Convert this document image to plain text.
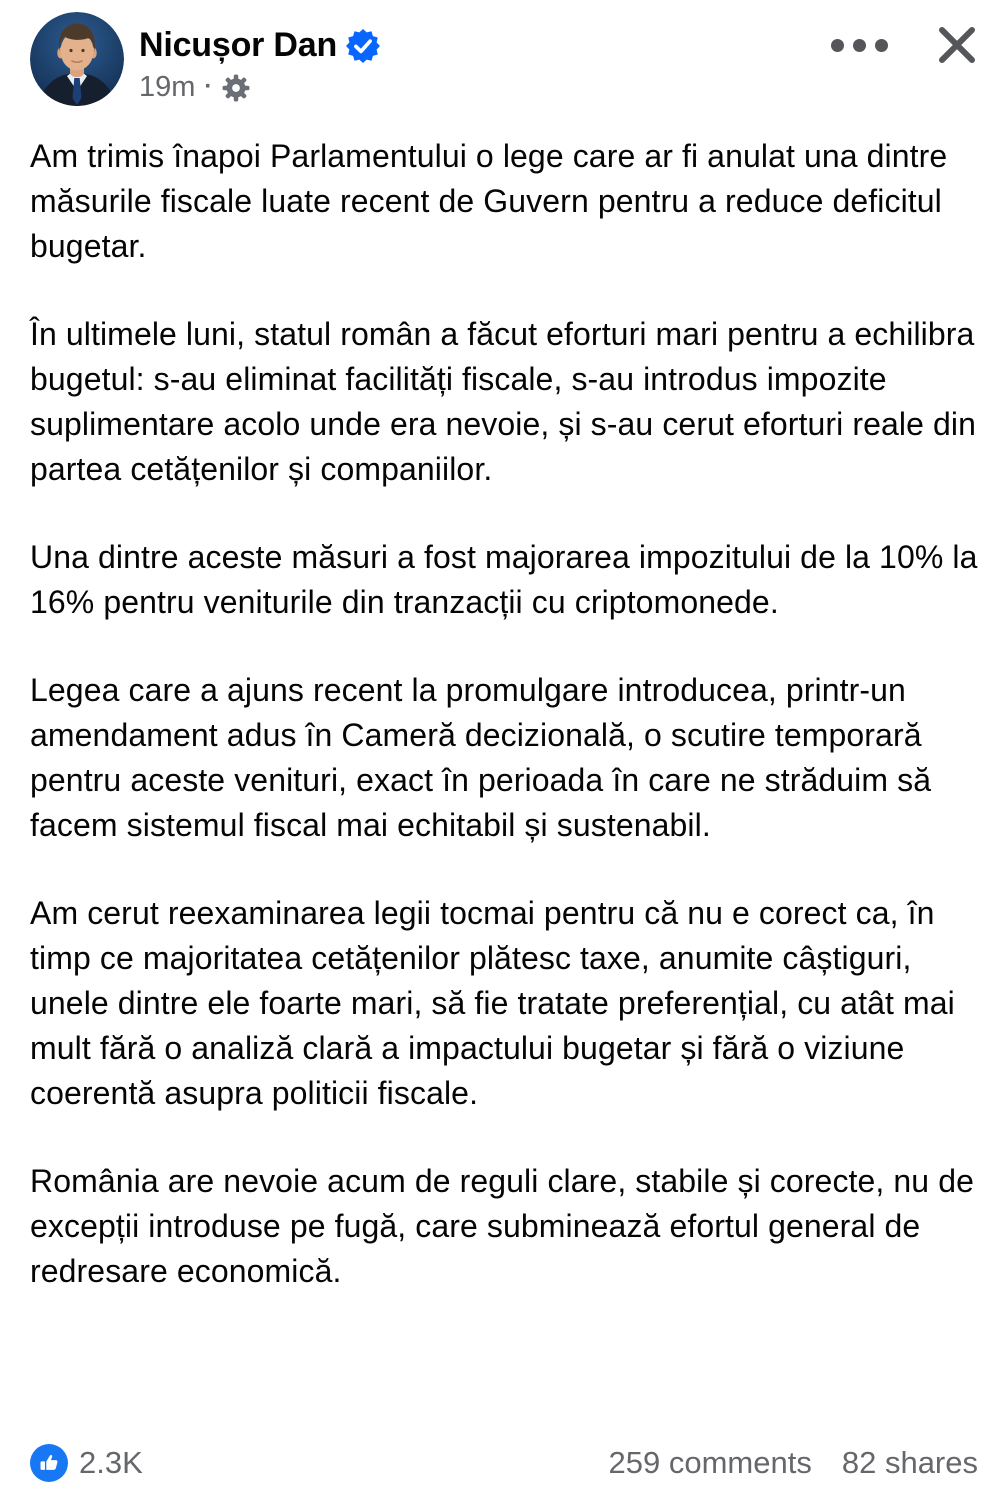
Nicușor Dan
19m ·

Am trimis înapoi Parlamentului o lege care ar fi anulat una dintre măsurile fiscale luate recent de Guvern pentru a reduce deficitul bugetar.

În ultimele luni, statul român a făcut eforturi mari pentru a echilibra bugetul: s-au eliminat facilități fiscale, s-au introdus impozite suplimentare acolo unde era nevoie, și s-au cerut eforturi reale din partea cetățenilor și companiilor.

Una dintre aceste măsuri a fost majorarea impozitului de la 10% la 16% pentru veniturile din tranzacții cu criptomonede.

Legea care a ajuns recent la promulgare introducea, printr-un amendament adus în Cameră decizională, o scutire temporară pentru aceste venituri, exact în perioada în care ne străduim să facem sistemul fiscal mai echitabil și sustenabil.

Am cerut reexaminarea legii tocmai pentru că nu e corect ca, în timp ce majoritatea cetățenilor plătesc taxe, anumite câștiguri, unele dintre ele foarte mari, să fie tratate preferențial, cu atât mai mult fără o analiză clară a impactului bugetar și fără o viziune coerentă asupra politicii fiscale.

România are nevoie acum de reguli clare, stabile și corecte, nu de excepții introduse pe fugă, care subminează efortul general de redresare economică.

2.3K	259 comments 82 shares
